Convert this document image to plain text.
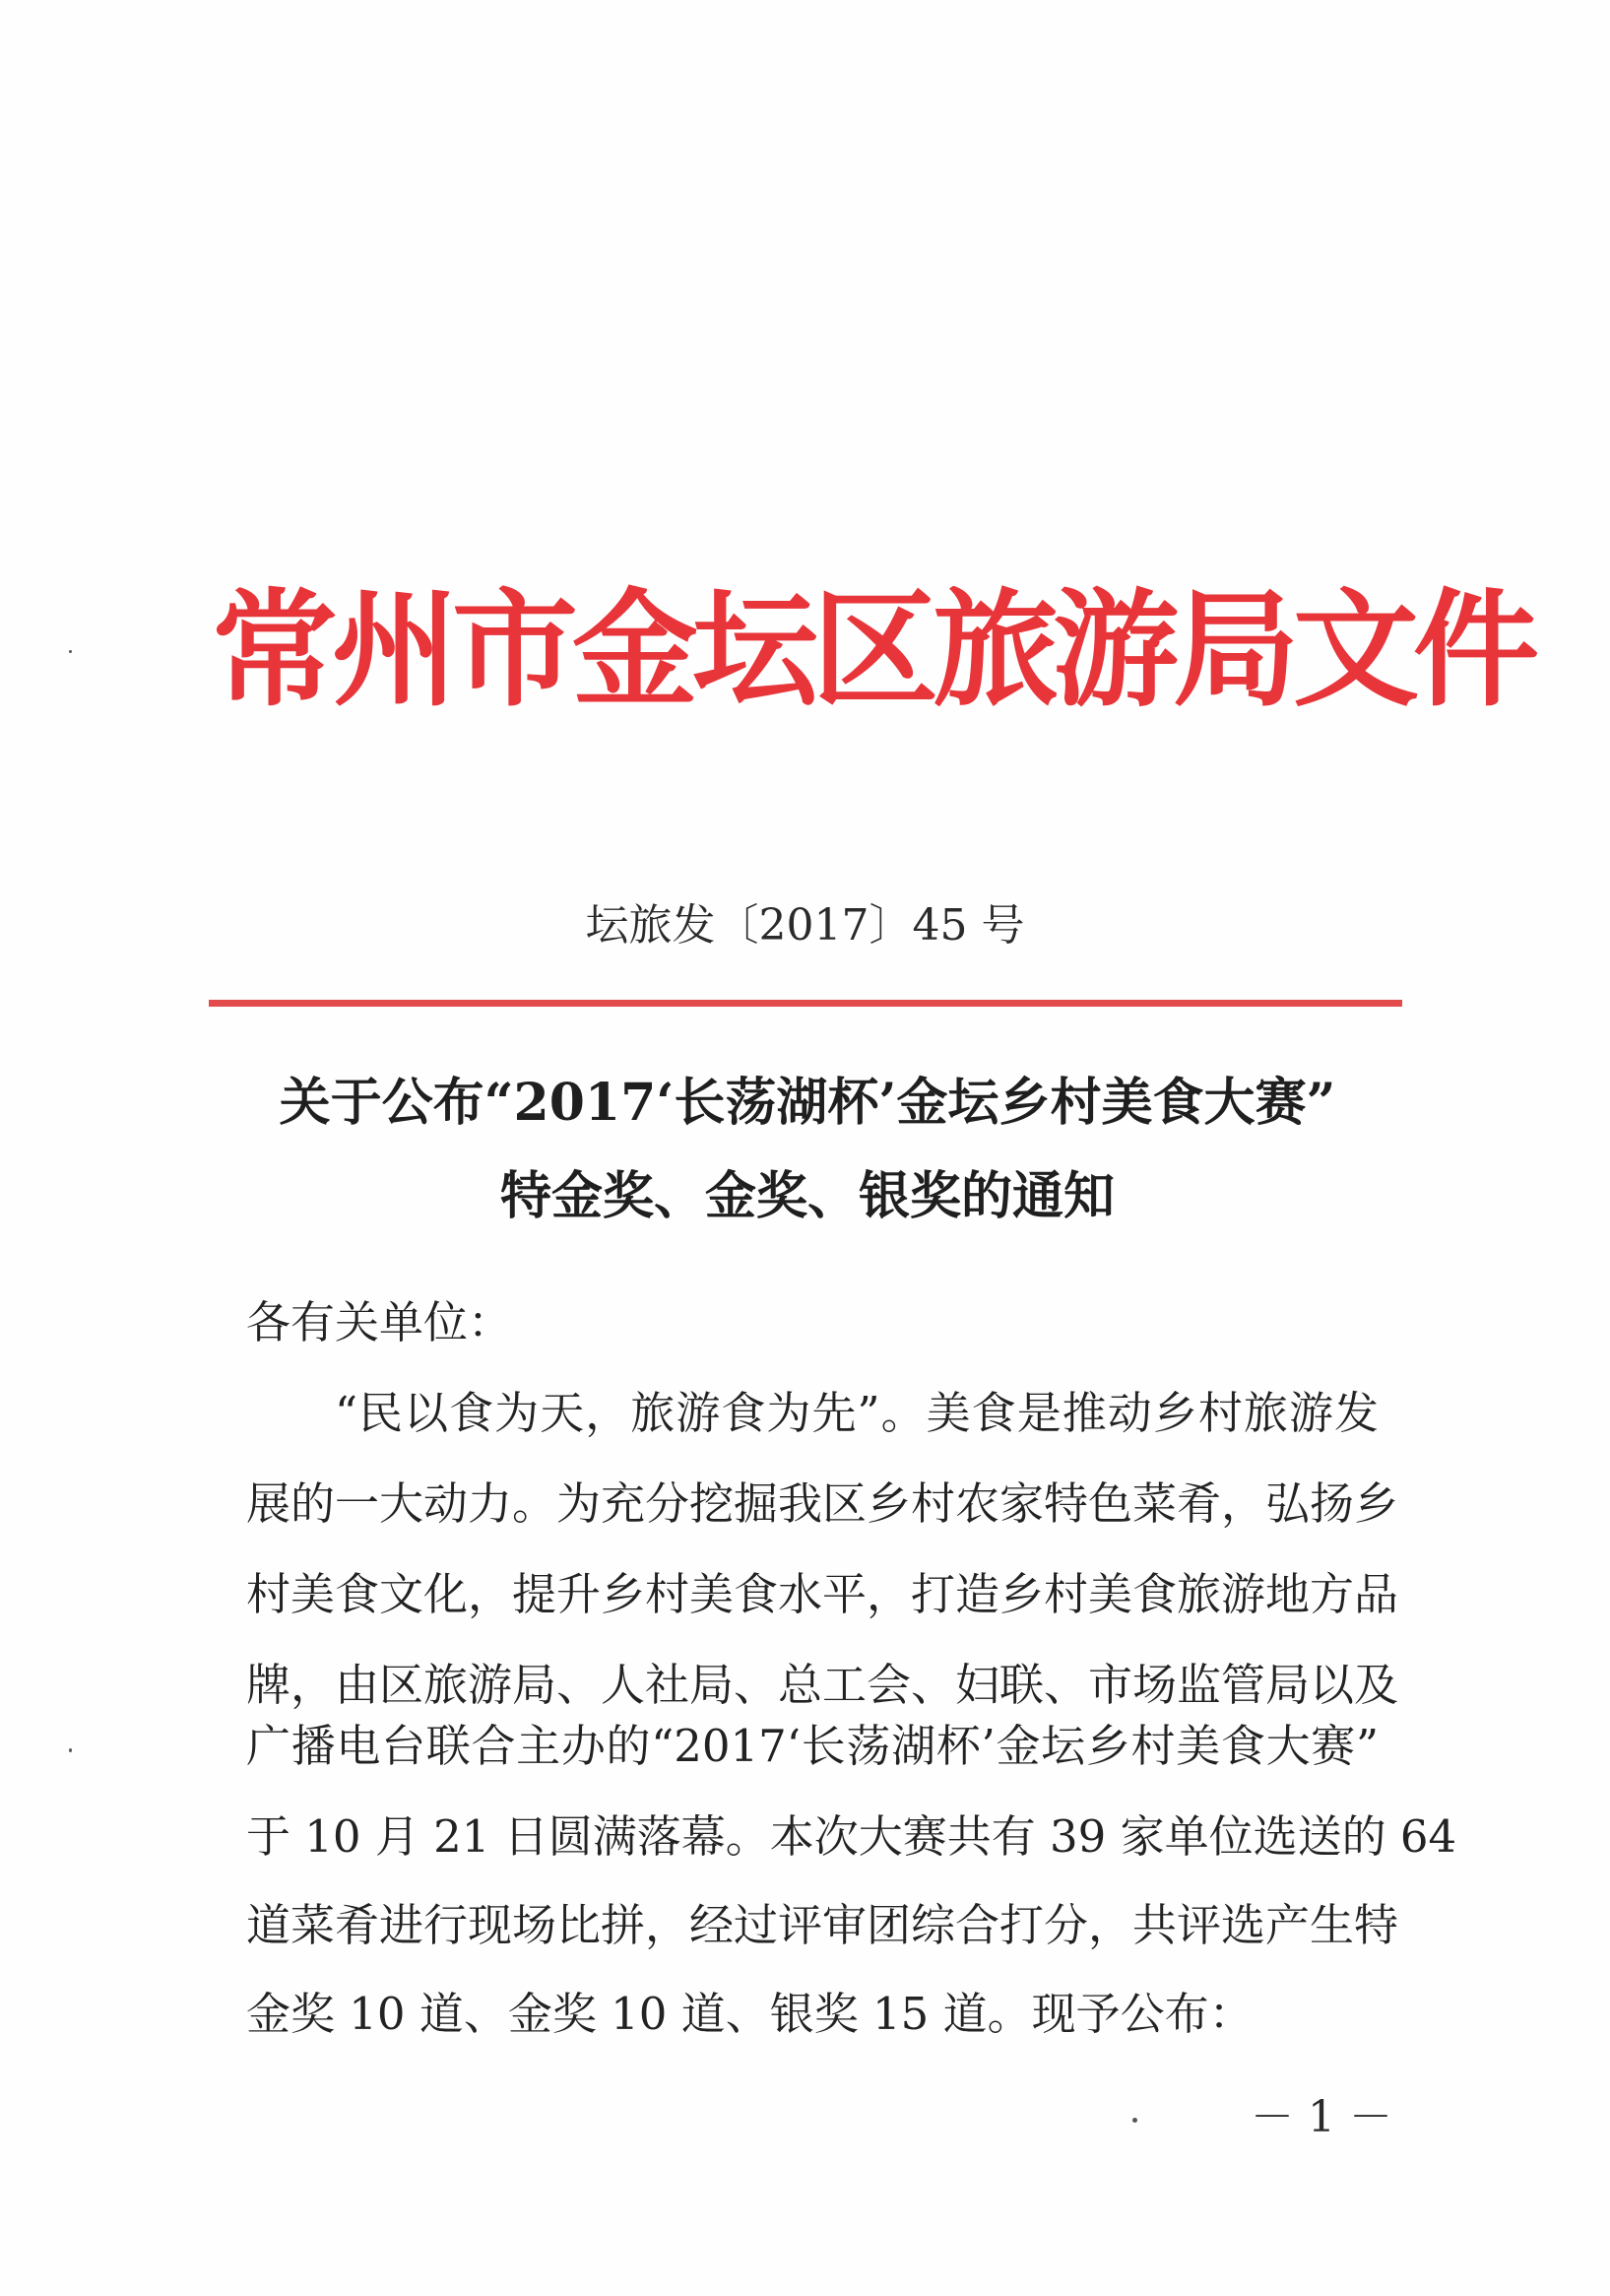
常州市金坛区旅游局文件
坛旅发〔2017〕45 号
关于公布“2017‘长荡湖杯’金坛乡村美食大赛”
特金奖、金奖、银奖的通知
各有关单位：
“民以食为天，旅游食为先”。美食是推动乡村旅游发
展的一大动力。为充分挖掘我区乡村农家特色菜肴，弘扬乡
村美食文化，提升乡村美食水平，打造乡村美食旅游地方品
牌，由区旅游局、人社局、总工会、妇联、市场监管局以及
广播电台联合主办的“2017‘长荡湖杯’金坛乡村美食大赛”
于 10 月 21 日圆满落幕。本次大赛共有 39 家单位选送的 64
道菜肴进行现场比拼，经过评审团综合打分，共评选产生特
金奖 10 道、金奖 10 道、银奖 15 道。现予公布：
－ 1 －
